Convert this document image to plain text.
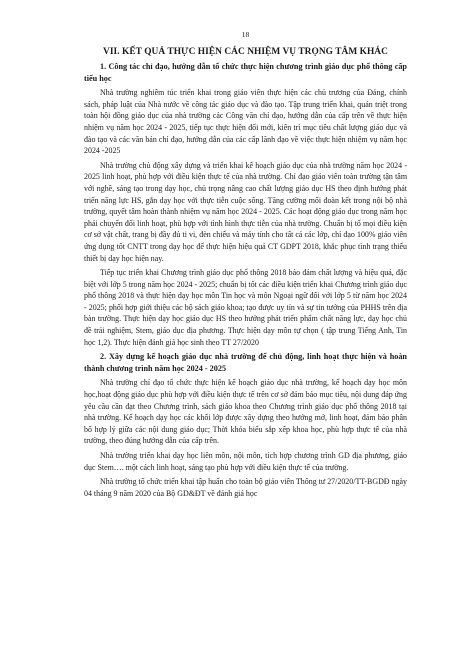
18
VII. KẾT QUẢ THỰC HIỆN CÁC NHIỆM VỤ TRỌNG TÂM KHÁC
1. Công tác chỉ đạo, hướng dẫn tổ chức thực hiện chương trình giáo dục phổ thông cấp tiểu học

Nhà trường nghiêm túc triển khai trong giáo viên thực hiện các chủ trương của Đảng, chính sách, pháp luật của Nhà nước về công tác giáo dục và đào tạo. Tập trung triển khai, quán triệt trong toàn hội đồng giáo dục của nhà trường các Công văn chỉ đạo, hướng dẫn của cấp trên về thực hiện nhiệm vụ năm học 2024 - 2025, tiếp tục thực hiện đổi mới, kiên trì mục tiêu chất lượng giáo dục và đào tạo và các văn bản chỉ đạo, hướng dẫn của các cấp lãnh đạo về việc thực hiện nhiệm vụ năm học 2024 -2025

Nhà trường chủ động xây dựng và triển khai kế hoạch giáo dục của nhà trường năm học 2024 - 2025 linh hoạt, phù hợp với điều kiện thực tế của nhà trường. Chỉ đạo giáo viên toàn trường tận tâm với nghề, sáng tạo trong dạy học, chủ trọng nâng cao chất lượng giáo dục HS theo định hướng phát triển năng lực HS, gắn dạy học với thực tiễn cuộc sống. Tăng cường mối đoàn kết trong nội bộ nhà trường, quyết tâm hoàn thành nhiệm vụ năm học 2024 - 2025. Các hoạt động giáo dục trong năm học phải chuyển đổi linh hoạt, phù hợp với tình hình thực tiễn của nhà trường. Chuẩn bị tố mọi điều kiện cơ sở vật chất, trang bị đầy đủ ti vi, đèn chiếu và máy tính cho tất cả các lớp, chỉ đạo 100% giáo viên ứng dụng tốt CNTT trong dạy học để thực hiện hiệu quả CT GDPT 2018, khắc phục tình trạng thiếu thiết bị dạy học hiện nay.

Tiếp tục triển khai Chương trình giáo dục phổ thông 2018 bảo đảm chất lượng và hiệu quả, đặc biệt với lớp 5 trong năm học 2024 - 2025; chuẩn bị tốt các điều kiện triển khai Chương trình giáo dục phổ thông 2018 và thực hiện dạy học môn Tin học và môn Ngoại ngữ đối với lớp 5 từ năm học 2024 - 2025; phối hợp giới thiệu các bộ sách giáo khoa; tạo được uy tín và sự tin tưởng của PHHS trên địa bàn trường. Thực hiện dạy học giáo dục HS theo hướng phát triển phẩm chất năng lực, dạy học chủ đề trải nghiệm, Stem, giáo dục địa phương. Thực hiện dạy môn tự chọn ( tập trung Tiếng Anh, Tin học 1,2). Thực hiện đánh giá học sinh theo TT 27/2020

2. Xây dựng kế hoạch giáo dục nhà trường để chủ động, linh hoạt thực hiện và hoàn thành chương trình năm học 2024 - 2025

Nhà trường chỉ đạo tổ chức thực hiện kế hoạch giáo dục nhà trường, kế hoạch dạy học môn học,hoạt động giáo dục phù hợp với điều kiện thực tế trên cơ sở đảm bảo mục tiêu, nội dung đáp ứng yêu cầu cần đạt theo Chương trình, sách giáo khoa theo Chương trình giáo dục phổ thông 2018 tại nhà trường. Kế hoạch dạy học các khối lớp được xây dựng theo hướng mở, linh hoạt, đảm bảo phân bố hợp lý giữa các nội dung giáo dục; Thời khóa biểu sắp xếp khoa học, phù hợp thực tế của nhà trường, theo đúng hướng dẫn của cấp trên.

Nhà trường triển khai dạy học liên môn, nội môn, tích hợp chương trình GD địa phương, giáo dục Stem…. một cách linh hoạt, sáng tạo phù hợp với điều kiện thực tế của trường.

Nhà trường tổ chức triển khai tập huấn cho toàn bộ giáo viên Thông tư 27/2020/TT-BGDĐ ngày 04 tháng 9 năm 2020 của Bộ GD&ĐT về đánh giá học
